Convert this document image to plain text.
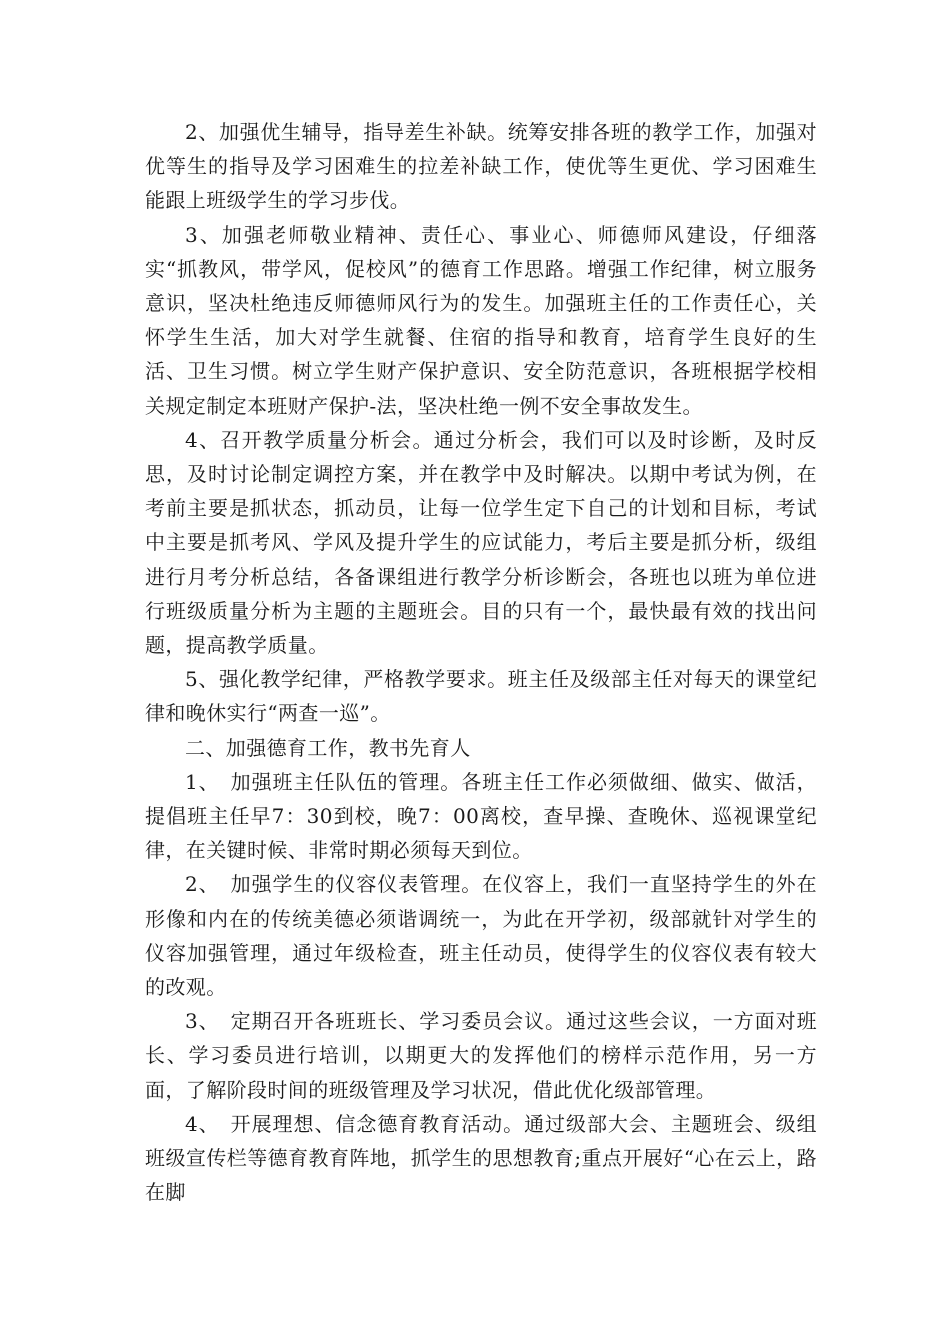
2、加强优生辅导，指导差生补缺。统筹安排各班的教学工作，加强对优等生的指导及学习困难生的拉差补缺工作，使优等生更优、学习困难生能跟上班级学生的学习步伐。

3、加强老师敬业精神、责任心、事业心、师德师风建设，仔细落实“抓教风，带学风，促校风”的德育工作思路。增强工作纪律，树立服务意识，坚决杜绝违反师德师风行为的发生。加强班主任的工作责任心，关怀学生生活，加大对学生就餐、住宿的指导和教育，培育学生良好的生活、卫生习惯。树立学生财产保护意识、安全防范意识，各班根据学校相关规定制定本班财产保护-法，坚决杜绝一例不安全事故发生。

4、召开教学质量分析会。通过分析会，我们可以及时诊断，及时反思，及时讨论制定调控方案，并在教学中及时解决。以期中考试为例，在考前主要是抓状态，抓动员，让每一位学生定下自己的计划和目标，考试中主要是抓考风、学风及提升学生的应试能力，考后主要是抓分析，级组进行月考分析总结，各备课组进行教学分析诊断会，各班也以班为单位进行班级质量分析为主题的主题班会。目的只有一个，最快最有效的找出问题，提高教学质量。

5、强化教学纪律，严格教学要求。班主任及级部主任对每天的课堂纪律和晚休实行“两查一巡”。

二、加强德育工作，教书先育人

1、　加强班主任队伍的管理。各班主任工作必须做细、做实、做活，提倡班主任早7：30到校，晚7：00离校，查早操、查晚休、巡视课堂纪律，在关键时候、非常时期必须每天到位。

2、　加强学生的仪容仪表管理。在仪容上，我们一直坚持学生的外在形像和内在的传统美德必须谐调统一，为此在开学初，级部就针对学生的仪容加强管理，通过年级检查，班主任动员，使得学生的仪容仪表有较大的改观。

3、　定期召开各班班长、学习委员会议。通过这些会议，一方面对班长、学习委员进行培训，以期更大的发挥他们的榜样示范作用，另一方面，了解阶段时间的班级管理及学习状况，借此优化级部管理。

4、　开展理想、信念德育教育活动。通过级部大会、主题班会、级组班级宣传栏等德育教育阵地，抓学生的思想教育;重点开展好“心在云上，路在脚
